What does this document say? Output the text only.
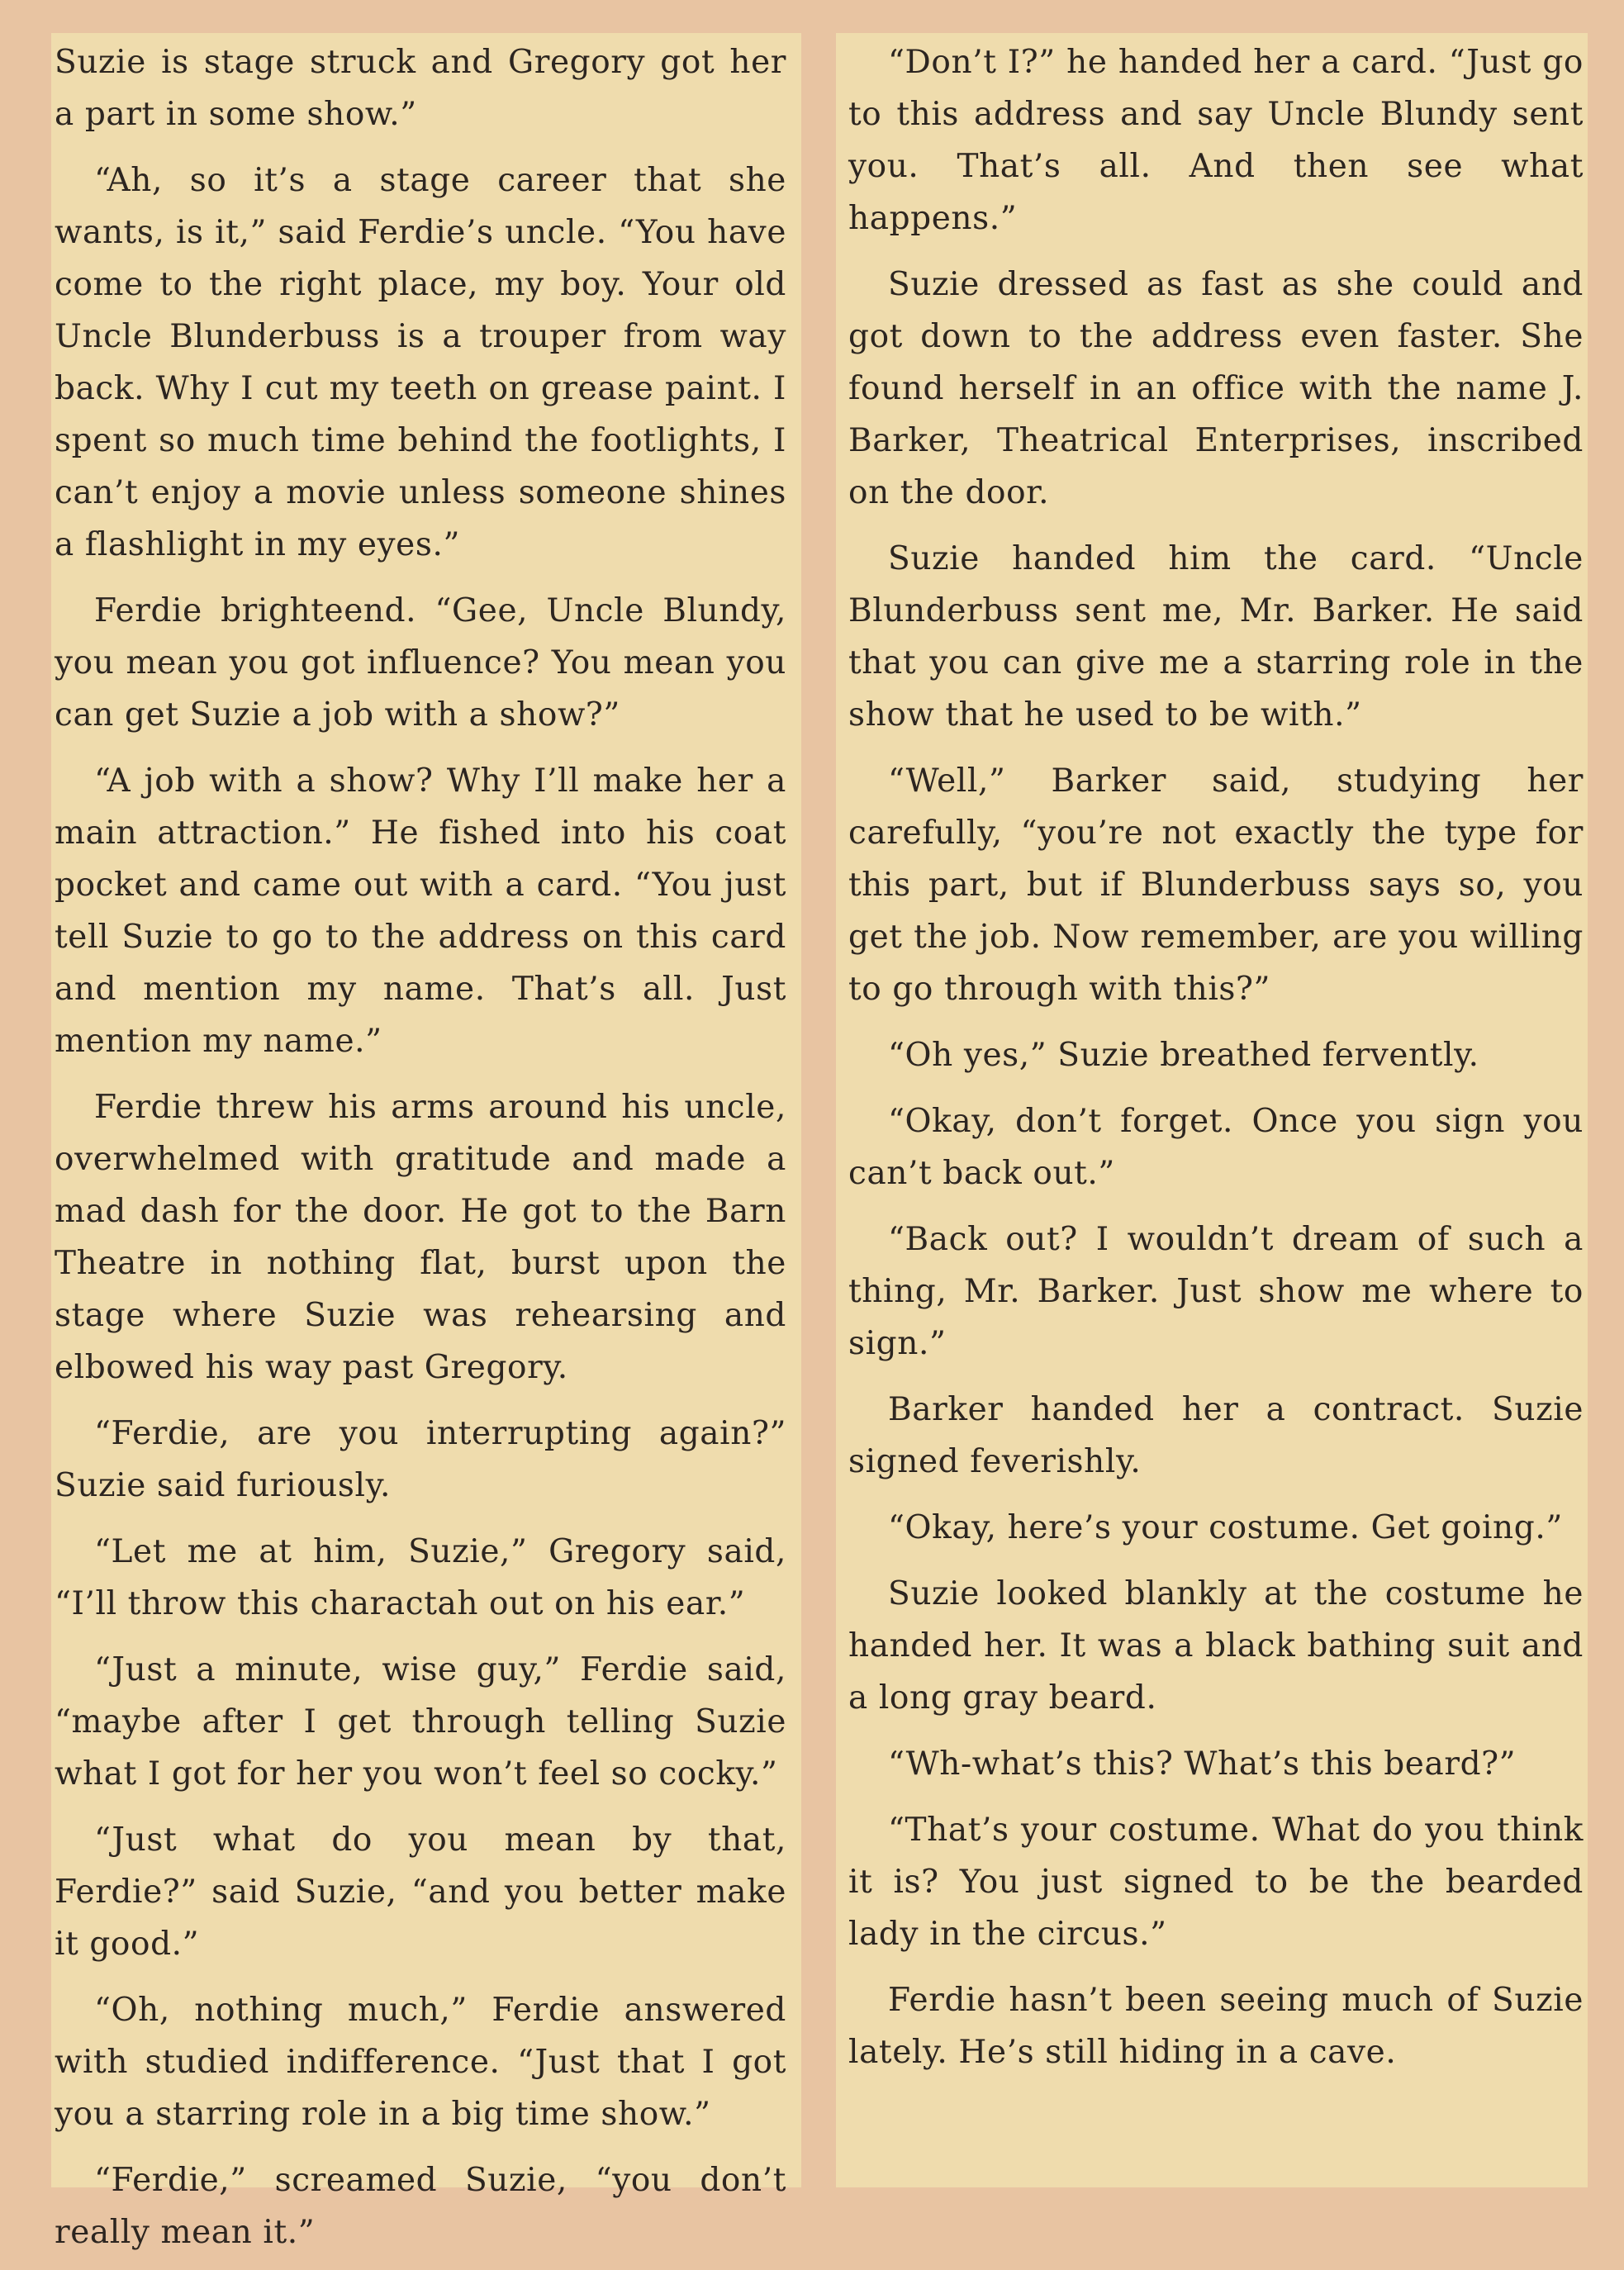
Suzie is stage struck and Gregory got her a part in some show.”

“Ah, so it’s a stage career that she wants, is it,” said Ferdie’s uncle. “You have come to the right place, my boy. Your old Uncle Blunderbuss is a trouper from way back. Why I cut my teeth on grease paint. I spent so much time behind the footlights, I can’t enjoy a movie unless someone shines a flashlight in my eyes.”

Ferdie brighteend. “Gee, Uncle Blundy, you mean you got influence? You mean you can get Suzie a job with a show?”

“A job with a show? Why I’ll make her a main attraction.” He fished into his coat pocket and came out with a card. “You just tell Suzie to go to the address on this card and mention my name. That’s all. Just mention my name.”

Ferdie threw his arms around his uncle, overwhelmed with gratitude and made a mad dash for the door. He got to the Barn Theatre in nothing flat, burst upon the stage where Suzie was rehearsing and elbowed his way past Gregory.

“Ferdie, are you interrupting again?” Suzie said furiously.

“Let me at him, Suzie,” Gregory said, “I’ll throw this charactah out on his ear.”

“Just a minute, wise guy,” Ferdie said, “maybe after I get through telling Suzie what I got for her you won’t feel so cocky.”

“Just what do you mean by that, Ferdie?” said Suzie, “and you better make it good.”

“Oh, nothing much,” Ferdie answered with studied indifference. “Just that I got you a starring role in a big time show.”

“Ferdie,” screamed Suzie, “you don’t really mean it.”

“Don’t I?” he handed her a card. “Just go to this address and say Uncle Blundy sent you. That’s all. And then see what happens.”

Suzie dressed as fast as she could and got down to the address even faster. She found herself in an office with the name J. Barker, Theatrical Enterprises, inscribed on the door.

Suzie handed him the card. “Uncle Blunderbuss sent me, Mr. Barker. He said that you can give me a starring role in the show that he used to be with.”

“Well,” Barker said, studying her carefully, “you’re not exactly the type for this part, but if Blunderbuss says so, you get the job. Now remember, are you willing to go through with this?”

“Oh yes,” Suzie breathed fervently.

“Okay, don’t forget. Once you sign you can’t back out.”

“Back out? I wouldn’t dream of such a thing, Mr. Barker. Just show me where to sign.”

Barker handed her a contract. Suzie signed feverishly.

“Okay, here’s your costume. Get going.”

Suzie looked blankly at the costume he handed her. It was a black bathing suit and a long gray beard.

“Wh-what’s this? What’s this beard?”

“That’s your costume. What do you think it is? You just signed to be the bearded lady in the circus.”

Ferdie hasn’t been seeing much of Suzie lately. He’s still hiding in a cave.
